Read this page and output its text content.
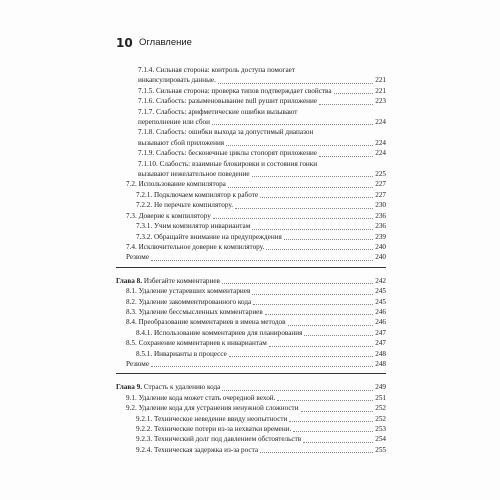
10 Оглавление
7.1.4. Сильная сторона: контроль доступа помогает
инкапсулировать данные.	221
7.1.5. Сильная сторона: проверка типов подтверждает свойства	221
7.1.6. Слабость: разыменовывание null рушит приложение	223
7.1.7. Слабость: арифметические ошибки вызывают
переполнение или сбои	224
7.1.8. Слабость: ошибки выхода за допустимый диапазон
вызывают сбой приложения	224
7.1.9. Слабость: бесконечные циклы стопорят приложение	224
7.1.10. Слабость: взаимные блокировки и состояния гонки
вызывают нежелательное поведение	225
7.2. Использование компилятора	227
7.2.1. Подключаем компилятор к работе	227
7.2.2. Не перечьте компилятору.	230
7.3. Доверие к компилятору	236
7.3.1. Учим компилятор инвариантам	236
7.3.2. Обращайте внимание на предупреждения	239
7.4. Исключительное доверие к компилятору.	240
Резюме	240
Глава 8. Избегайте комментариев	242
8.1. Удаление устаревших комментариев	245
8.2. Удаление закомментированного кода	245
8.3. Удаление бессмысленных комментариев	246
8.4. Преобразование комментариев в имена методов	246
8.4.1. Использование комментариев для планирования	247
8.5. Сохранение комментариев к инвариантам	247
8.5.1. Инварианты в процессе	248
Резюме	248
Глава 9. Страсть к удалению кода	249
9.1. Удаление кода может стать очередной вехой.	251
9.2. Удаление кода для устранения ненужной сложности	252
9.2.1. Техническое неведение ввиду неопытности	252
9.2.2. Технические потери из-за нехватки времени.	253
9.2.3. Технический долг под давлением обстоятельств	254
9.2.4. Техническая задержка из-за роста	255
